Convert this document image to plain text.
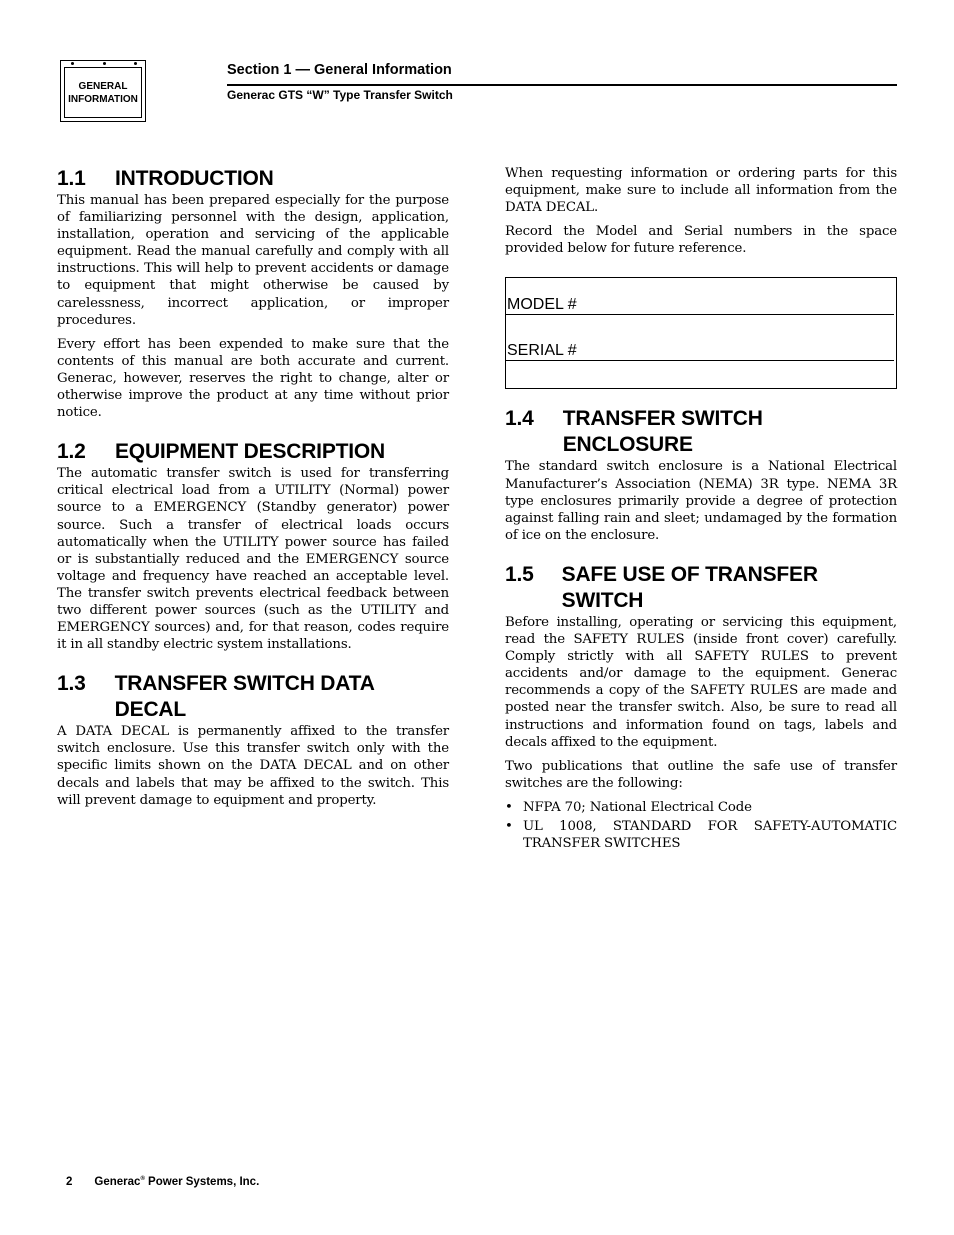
GENERAL
INFORMATION
Section 1 — General Information
Generac GTS “W” Type Transfer Switch
1.1	INTRODUCTION

This manual has been prepared especially for the purpose of familiarizing personnel with the design, application, installation, operation and servicing of the applicable equipment. Read the manual carefully and comply with all instructions. This will help to prevent accidents or damage to equipment that might otherwise be caused by carelessness, incorrect application, or improper procedures.

Every effort has been expended to make sure that the contents of this manual are both accurate and current. Generac, however, reserves the right to change, alter or otherwise improve the product at any time without prior notice.

1.2	EQUIPMENT DESCRIPTION

The automatic transfer switch is used for transferring critical electrical load from a UTILITY (Normal) power source to a EMERGENCY (Standby generator) power source. Such a transfer of electrical loads occurs automatically when the UTILITY power source has failed or is substantially reduced and the EMERGENCY source voltage and frequency have reached an acceptable level. The transfer switch prevents electrical feedback between two different power sources (such as the UTILITY and EMERGENCY sources) and, for that reason, codes require it in all standby electric system installations.

1.3	TRANSFER SWITCH DATA DECAL

A DATA DECAL is permanently affixed to the transfer switch enclosure. Use this transfer switch only with the specific limits shown on the DATA DECAL and on other decals and labels that may be affixed to the switch. This will prevent damage to equipment and property.

When requesting information or ordering parts for this equipment, make sure to include all information from the DATA DECAL.

Record the Model and Serial numbers in the space provided below for future reference.

MODEL #
SERIAL #
1.4	TRANSFER SWITCH ENCLOSURE

The standard switch enclosure is a National Electrical Manufacturer’s Association (NEMA) 3R type. NEMA 3R type enclosures primarily provide a degree of protection against falling rain and sleet; undamaged by the formation of ice on the enclosure.

1.5	SAFE USE OF TRANSFER SWITCH

Before installing, operating or servicing this equipment, read the SAFETY RULES (inside front cover) carefully. Comply strictly with all SAFETY RULES to prevent accidents and/or damage to the equipment. Generac recommends a copy of the SAFETY RULES are made and posted near the transfer switch. Also, be sure to read all instructions and information found on tags, labels and decals affixed to the equipment.

Two publications that outline the safe use of transfer switches are the following:

• NFPA 70; National Electrical Code
• UL 1008, STANDARD FOR SAFETY-AUTOMATIC TRANSFER SWITCHES
2 Generac® Power Systems, Inc.
